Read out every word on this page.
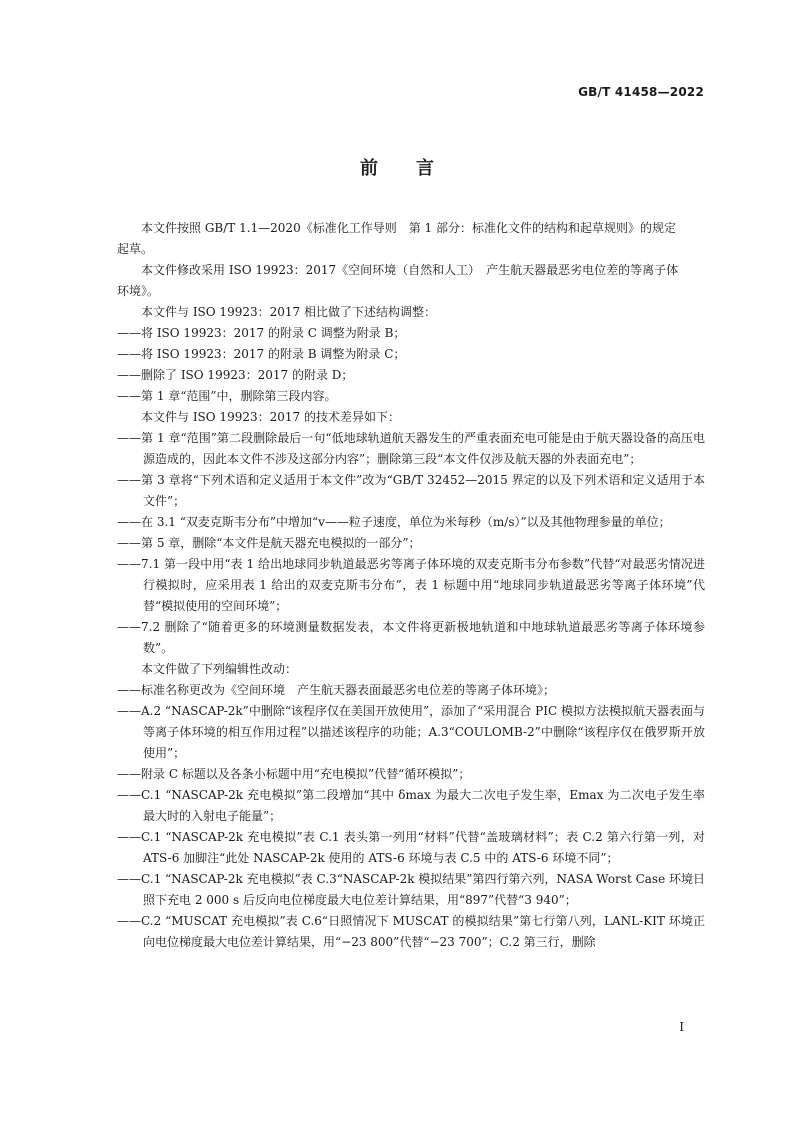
GB/T 41458—2022
前言

本文件按照 GB/T 1.1—2020《标准化工作导则　第 1 部分：标准化文件的结构和起草规则》的规定

起草。

本文件修改采用 ISO 19923：2017《空间环境（自然和人工）　产生航天器最恶劣电位差的等离子体

环境》。

本文件与 ISO 19923：2017 相比做了下述结构调整：

——将 ISO 19923：2017 的附录 C 调整为附录 B；

——将 ISO 19923：2017 的附录 B 调整为附录 C；

——删除了 ISO 19923：2017 的附录 D；

——第 1 章“范围”中，删除第三段内容。

本文件与 ISO 19923：2017 的技术差异如下：

——第 1 章“范围”第二段删除最后一句“低地球轨道航天器发生的严重表面充电可能是由于航天器设备的高压电源造成的，因此本文件不涉及这部分内容”；删除第三段“本文件仅涉及航天器的外表面充电”；

——第 3 章将“下列术语和定义适用于本文件”改为“GB/T 32452—2015 界定的以及下列术语和定义适用于本文件”；

——在 3.1 “双麦克斯韦分布”中增加“v——粒子速度，单位为米每秒（m/s）”以及其他物理参量的单位；

——第 5 章，删除“本文件是航天器充电模拟的一部分”；

——7.1 第一段中用“表 1 给出地球同步轨道最恶劣等离子体环境的双麦克斯韦分布参数”代替“对最恶劣情况进行模拟时，应采用表 1 给出的双麦克斯韦分布”，表 1 标题中用“地球同步轨道最恶劣等离子体环境”代替“模拟使用的空间环境”；

——7.2 删除了“随着更多的环境测量数据发表，本文件将更新极地轨道和中地球轨道最恶劣等离子体环境参数”。

本文件做了下列编辑性改动：

——标准名称更改为《空间环境　产生航天器表面最恶劣电位差的等离子体环境》；

——A.2 “NASCAP-2k”中删除“该程序仅在美国开放使用”，添加了“采用混合 PIC 模拟方法模拟航天器表面与等离子体环境的相互作用过程”以描述该程序的功能；A.3“COULOMB-2”中删除“该程序仅在俄罗斯开放使用”；

——附录 C 标题以及各条小标题中用“充电模拟”代替“循环模拟”；

——C.1 “NASCAP-2k 充电模拟”第二段增加“其中 δmax 为最大二次电子发生率，Emax 为二次电子发生率最大时的入射电子能量”；

——C.1 “NASCAP-2k 充电模拟”表 C.1 表头第一列用“材料”代替“盖玻璃材料”；表 C.2 第六行第一列，对 ATS-6 加脚注“此处 NASCAP-2k 使用的 ATS-6 环境与表 C.5 中的 ATS-6 环境不同”；

——C.1 “NASCAP-2k 充电模拟”表 C.3“NASCAP-2k 模拟结果”第四行第六列，NASA Worst Case 环境日照下充电 2 000 s 后反向电位梯度最大电位差计算结果，用“897”代替“3 940”；

——C.2 “MUSCAT 充电模拟”表 C.6“日照情况下 MUSCAT 的模拟结果”第七行第八列，LANL-KIT 环境正向电位梯度最大电位差计算结果，用“−23 800”代替“−23 700”；C.2 第三行，删除

I
